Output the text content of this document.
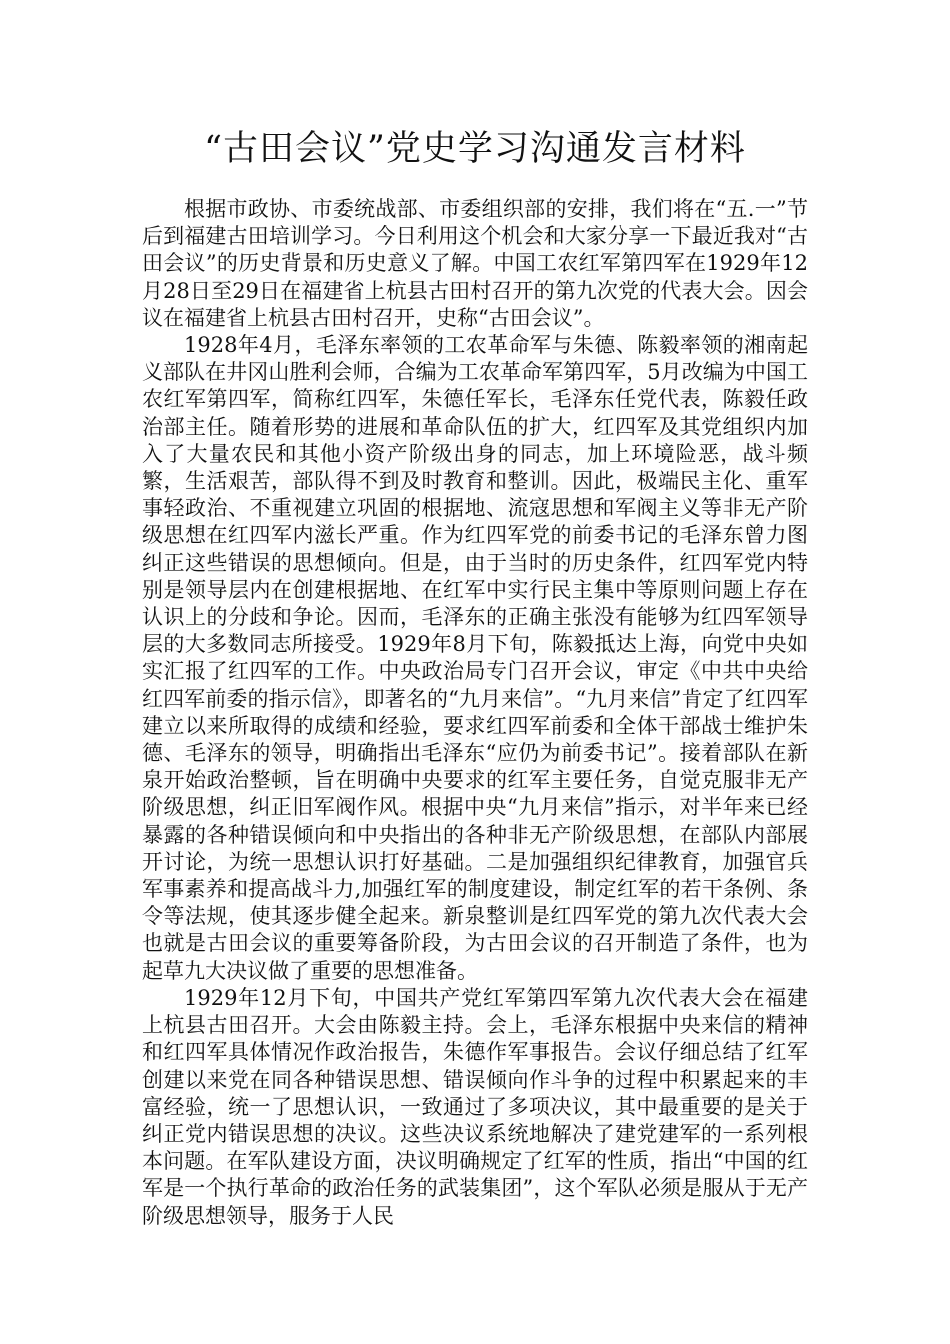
“古田会议”党史学习沟通发言材料

根据市政协、市委统战部、市委组织部的安排，我们将在“五.一”节后到福建古田培训学习。今日利用这个机会和大家分享一下最近我对“古田会议”的历史背景和历史意义了解。中国工农红军第四军在1929年12月28日至29日在福建省上杭县古田村召开的第九次党的代表大会。因会议在福建省上杭县古田村召开，史称“古田会议”。

1928年4月，毛泽东率领的工农革命军与朱德、陈毅率领的湘南起义部队在井冈山胜利会师，合编为工农革命军第四军，5月改编为中国工农红军第四军，简称红四军，朱德任军长，毛泽东任党代表，陈毅任政治部主任。随着形势的进展和革命队伍的扩大，红四军及其党组织内加入了大量农民和其他小资产阶级出身的同志，加上环境险恶，战斗频繁，生活艰苦，部队得不到及时教育和整训。因此，极端民主化、重军事轻政治、不重视建立巩固的根据地、流寇思想和军阀主义等非无产阶级思想在红四军内滋长严重。作为红四军党的前委书记的毛泽东曾力图纠正这些错误的思想倾向。但是，由于当时的历史条件，红四军党内特别是领导层内在创建根据地、在红军中实行民主集中等原则问题上存在认识上的分歧和争论。因而，毛泽东的正确主张没有能够为红四军领导层的大多数同志所接受。1929年8月下旬，陈毅抵达上海，向党中央如实汇报了红四军的工作。中央政治局专门召开会议，审定《中共中央给红四军前委的指示信》，即著名的“九月来信”。“九月来信”肯定了红四军建立以来所取得的成绩和经验，要求红四军前委和全体干部战士维护朱德、毛泽东的领导，明确指出毛泽东“应仍为前委书记”。接着部队在新泉开始政治整顿，旨在明确中央要求的红军主要任务，自觉克服非无产阶级思想，纠正旧军阀作风。根据中央“九月来信”指示，对半年来已经暴露的各种错误倾向和中央指出的各种非无产阶级思想，在部队内部展开讨论，为统一思想认识打好基础。二是加强组织纪律教育，加强官兵军事素养和提高战斗力,加强红军的制度建设，制定红军的若干条例、条令等法规，使其逐步健全起来。新泉整训是红四军党的第九次代表大会也就是古田会议的重要筹备阶段，为古田会议的召开制造了条件，也为起草九大决议做了重要的思想准备。

1929年12月下旬，中国共产党红军第四军第九次代表大会在福建上杭县古田召开。大会由陈毅主持。会上，毛泽东根据中央来信的精神和红四军具体情况作政治报告，朱德作军事报告。会议仔细总结了红军创建以来党在同各种错误思想、错误倾向作斗争的过程中积累起来的丰富经验，统一了思想认识，一致通过了多项决议，其中最重要的是关于纠正党内错误思想的决议。这些决议系统地解决了建党建军的一系列根本问题。在军队建设方面，决议明确规定了红军的性质，指出“中国的红军是一个执行革命的政治任务的武装集团”，这个军队必须是服从于无产阶级思想领导，服务于人民
